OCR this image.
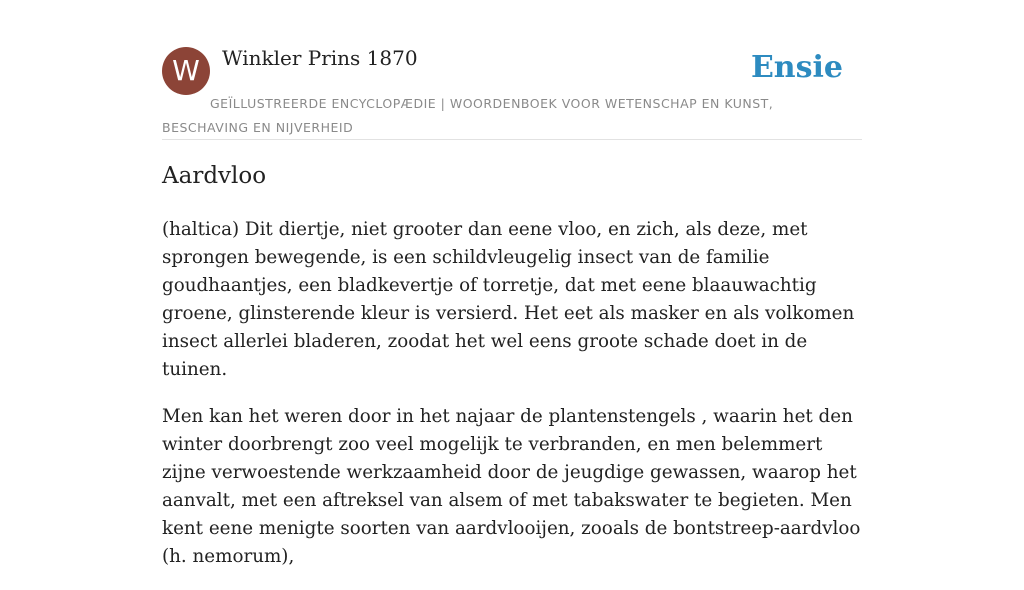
W	Winkler Prins 1870	Ensie
GEÏLLUSTREERDE ENCYCLOPÆDIE | WOORDENBOEK VOOR WETENSCHAP EN KUNST, BESCHAVING EN NIJVERHEID
Aardvloo

(haltica) Dit diertje, niet grooter dan eene vloo, en zich, als deze, met sprongen bewegende, is een schildvleugelig insect van de familie goudhaantjes, een bladkevertje of torretje, dat met eene blaauwachtig groene, glinsterende kleur is versierd. Het eet als masker en als volkomen insect allerlei bladeren, zoodat het wel eens groote schade doet in de tuinen.

Men kan het weren door in het najaar de plantenstengels , waarin het den winter doorbrengt zoo veel mogelijk te verbranden, en men belemmert zijne verwoestende werkzaamheid door de jeugdige gewassen, waarop het aanvalt, met een aftreksel van alsem of met tabakswater te begieten. Men kent eene menigte soorten van aardvlooijen, zooals de bontstreep-aardvloo (h. nemorum),
